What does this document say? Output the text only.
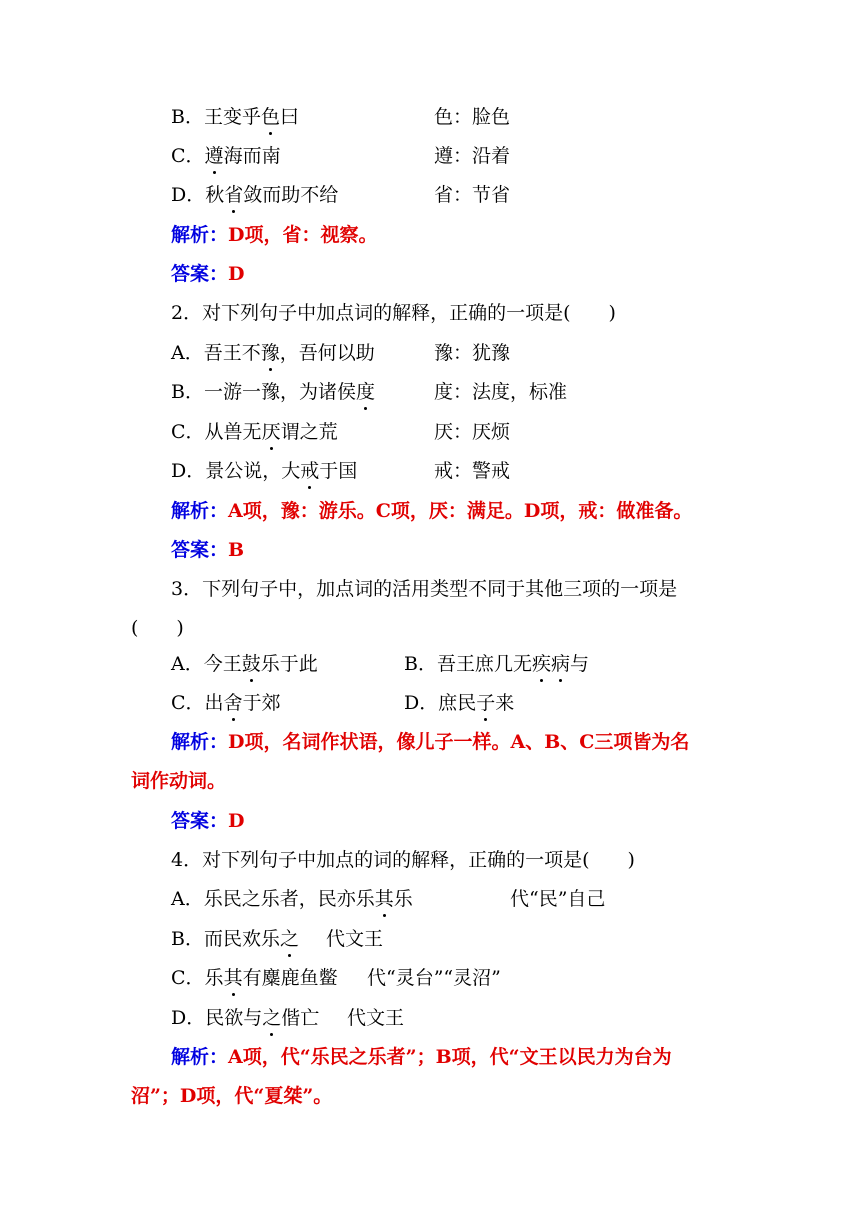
B．王变乎色曰	色：脸色
C．遵海而南	遵：沿着
D．秋省敛而助不给	省：节省
解析：D项，省：视察。
答案：D
2．对下列句子中加点词的解释，正确的一项是(　　)
A．吾王不豫，吾何以助	豫：犹豫
B．一游一豫，为诸侯度	度：法度，标准
C．从兽无厌谓之荒	厌：厌烦
D．景公说，大戒于国	戒：警戒
解析：A项，豫：游乐。C项，厌：满足。D项，戒：做准备。
答案：B
3．下列句子中，加点词的活用类型不同于其他三项的一项是
(　　)
A．今王鼓乐于此	B．吾王庶几无疾病与
C．出舍于郊	D．庶民子来
解析：D项，名词作状语，像儿子一样。A、B、C三项皆为名
词作动词。
答案：D
4．对下列句子中加点的词的解释，正确的一项是(　　)
A．乐民之乐者，民亦乐其乐	代“民”自己
B．而民欢乐之 代文王
C．乐其有麋鹿鱼鳖 代“灵台”“灵沼”
D．民欲与之偕亡 代文王
解析：A项，代“乐民之乐者”；B项，代“文王以民力为台为
沼”；D项，代“夏桀”。
